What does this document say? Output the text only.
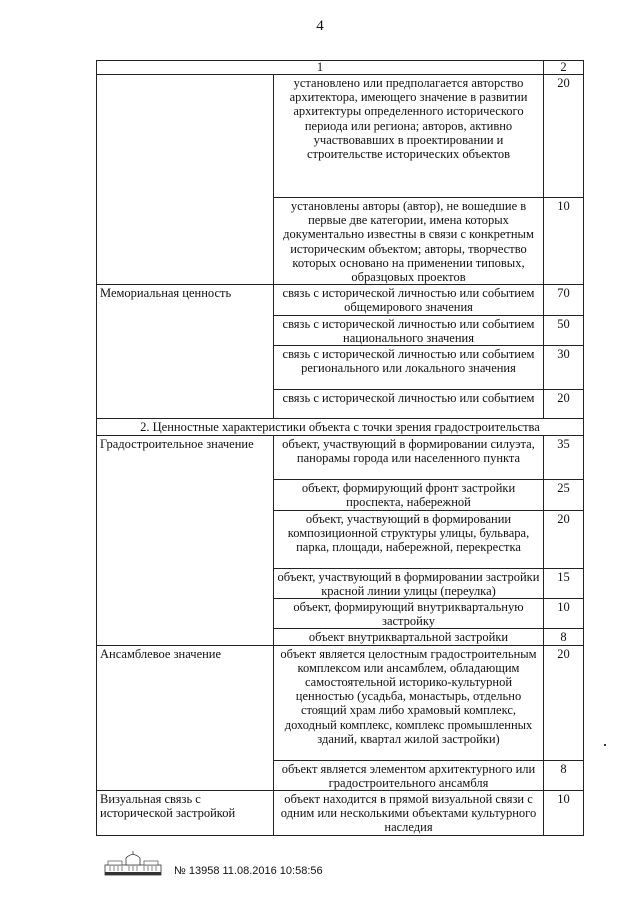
4
1		2
	установлено или предполагается авторство архитектора, имеющего значение в развитии архитектуры определенного исторического периода или региона; авторов, активно участвовавших в проектировании и строительстве исторических объектов	20
	установлены авторы (автор), не вошедшие в первые две категории, имена которых документально известны в связи с конкретным историческим объектом; авторы, творчество которых основано на применении типовых, образцовых проектов	10
Мемориальная ценность	связь с исторической личностью или событием общемирового значения	70
	связь с исторической личностью или событием национального значения	50
	связь с исторической личностью или событием регионального или локального значения	30
	связь с исторической личностью или событием	20
2. Ценностные характеристики объекта с точки зрения градостроительства		
Градостроительное значение	объект, участвующий в формировании силуэта, панорамы города или населенного пункта	35
	объект, формирующий фронт застройки проспекта, набережной	25
	объект, участвующий в формировании композиционной структуры улицы, бульвара, парка, площади, набережной, перекрестка	20
	объект, участвующий в формировании застройки красной линии улицы (переулка)	15
	объект, формирующий внутриквартальную застройку	10
	объект внутриквартальной застройки	8
Ансамблевое значение	объект является целостным градостроительным комплексом или ансамблем, обладающим самостоятельной историко-культурной ценностью (усадьба, монастырь, отдельно стоящий храм либо храмовый комплекс, доходный комплекс, комплекс промышленных зданий, квартал жилой застройки)	20
	объект является элементом архитектурного или градостроительного ансамбля	8
Визуальная связь с исторической застройкой	объект находится в прямой визуальной связи с одним или несколькими объектами культурного наследия	10
№ 13958 11.08.2016 10:58:56
